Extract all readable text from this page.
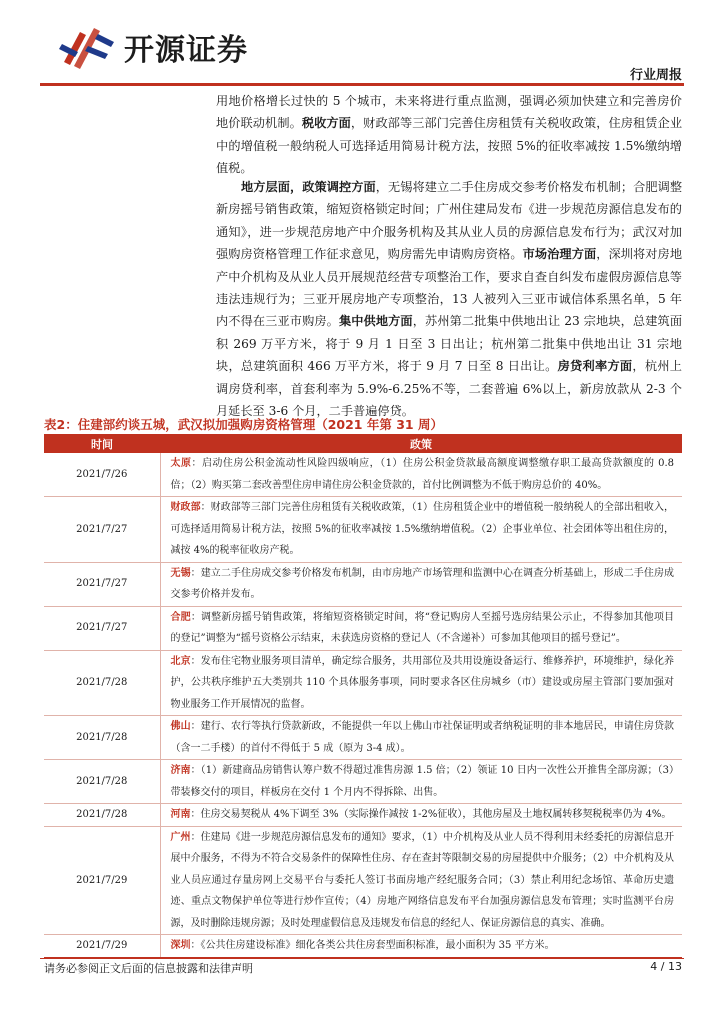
开源证券
行业周报

用地价格增长过快的 5 个城市，未来将进行重点监测，强调必须加快建立和完善房价地价联动机制。税收方面，财政部等三部门完善住房租赁有关税收政策，住房租赁企业中的增值税一般纳税人可选择适用简易计税方法，按照 5%的征收率减按 1.5%缴纳增值税。

地方层面，政策调控方面，无锡将建立二手住房成交参考价格发布机制；合肥调整新房摇号销售政策，缩短资格锁定时间；广州住建局发布《进一步规范房源信息发布的通知》，进一步规范房地产中介服务机构及其从业人员的房源信息发布行为；武汉对加强购房资格管理工作征求意见，购房需先申请购房资格。市场治理方面，深圳将对房地产中介机构及从业人员开展规范经营专项整治工作，要求自查自纠发布虚假房源信息等违法违规行为；三亚开展房地产专项整治，13 人被列入三亚市诚信体系黑名单，5 年内不得在三亚市购房。集中供地方面，苏州第二批集中供地出让 23 宗地块，总建筑面积 269 万平方米，将于 9 月 1 日至 3 日出让；杭州第二批集中供地出让 31 宗地块，总建筑面积 466 万平方米，将于 9 月 7 日至 8 日出让。房贷利率方面，杭州上调房贷利率，首套利率为 5.9%-6.25%不等，二套普遍 6%以上，新房放款从 2-3 个月延长至 3-6 个月，二手普遍停贷。

表2：住建部约谈五城，武汉拟加强购房资格管理（2021 年第 31 周）
时间	政策
2021/7/26	太原：启动住房公积金流动性风险四级响应，（1）住房公积金贷款最高额度调整缴存职工最高贷款额度的 0.8 倍；（2）购买第二套改善型住房申请住房公积金贷款的，首付比例调整为不低于购房总价的 40%。
2021/7/27	财政部：财政部等三部门完善住房租赁有关税收政策，（1）住房租赁企业中的增值税一般纳税人的全部出租收入，可选择适用简易计税方法，按照 5%的征收率减按 1.5%缴纳增值税。（2）企事业单位、社会团体等出租住房的，减按 4%的税率征收房产税。
2021/7/27	无锡：建立二手住房成交参考价格发布机制，由市房地产市场管理和监测中心在调查分析基础上，形成二手住房成交参考价格并发布。
2021/7/27	合肥：调整新房摇号销售政策，将缩短资格锁定时间，将“登记购房人至摇号选房结果公示止，不得参加其他项目的登记”调整为“摇号资格公示结束，未获选房资格的登记人（不含递补）可参加其他项目的摇号登记”。
2021/7/28	北京：发布住宅物业服务项目清单，确定综合服务，共用部位及共用设施设备运行、维修养护，环境维护，绿化养护，公共秩序维护五大类别共 110 个具体服务事项，同时要求各区住房城乡（市）建设或房屋主管部门要加强对物业服务工作开展情况的监督。
2021/7/28	佛山：建行、农行等执行贷款新政，不能提供一年以上佛山市社保证明或者纳税证明的非本地居民，申请住房贷款（含一二手楼）的首付不得低于 5 成（原为 3-4 成）。
2021/7/28	济南：（1）新建商品房销售认筹户数不得超过准售房源 1.5 倍；（2）领证 10 日内一次性公开推售全部房源；（3）带装修交付的项目，样板房在交付 1 个月内不得拆除、出售。
2021/7/28	河南：住房交易契税从 4%下调至 3%（实际操作减按 1-2%征收），其他房屋及土地权属转移契税税率仍为 4%。
2021/7/29	广州：住建局《进一步规范房源信息发布的通知》要求，（1）中介机构及从业人员不得利用未经委托的房源信息开展中介服务，不得为不符合交易条件的保障性住房、存在查封等限制交易的房屋提供中介服务；（2）中介机构及从业人员应通过存量房网上交易平台与委托人签订书面房地产经纪服务合同；（3）禁止利用纪念场馆、革命历史遗迹、重点文物保护单位等进行炒作宣传；（4）房地产网络信息发布平台加强房源信息发布管理；实时监测平台房源，及时删除违规房源；及时处理虚假信息及违规发布信息的经纪人、保证房源信息的真实、准确。
2021/7/29	深圳：《公共住房建设标准》细化各类公共住房套型面积标准，最小面积为 35 平方米。
请务必参阅正文后面的信息披露和法律声明	4 / 13
